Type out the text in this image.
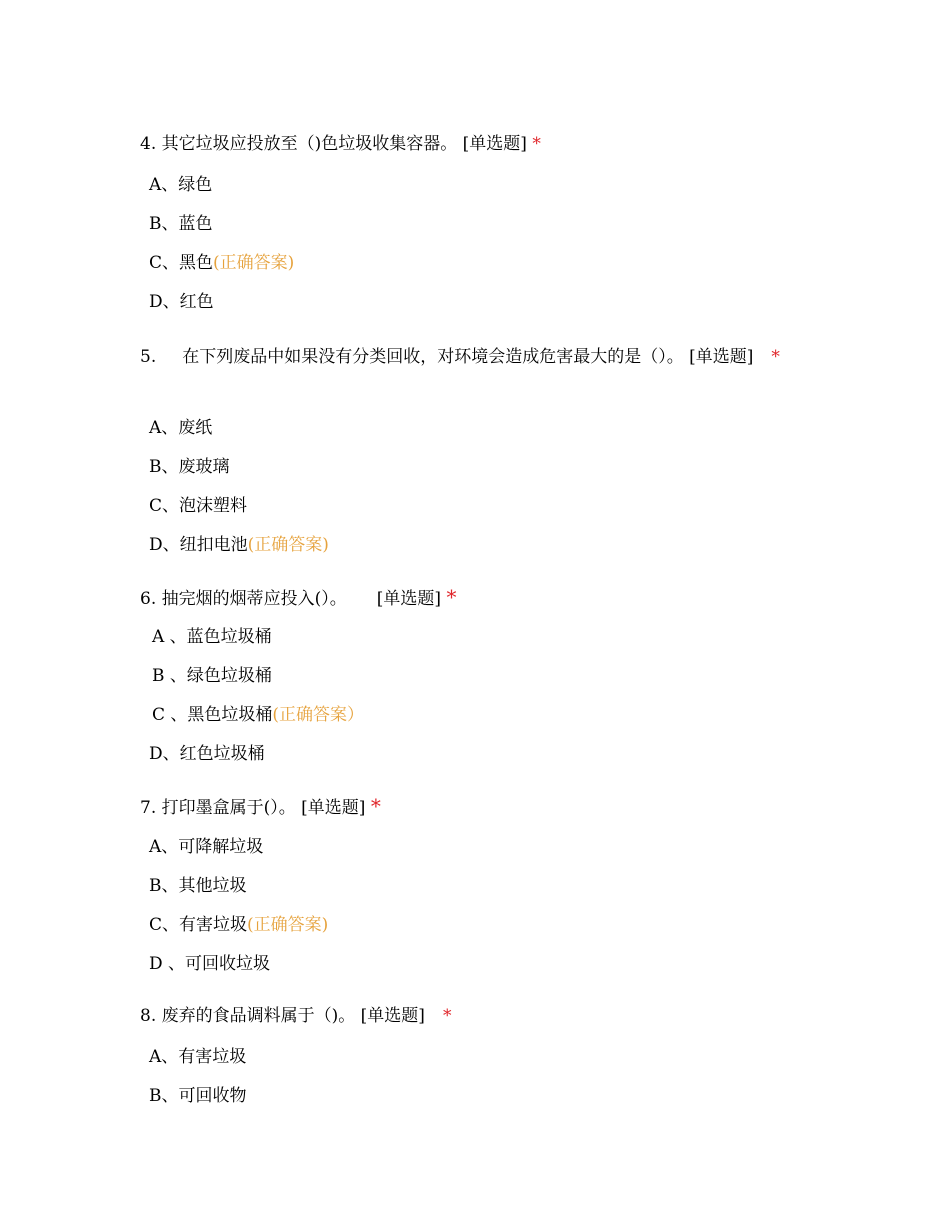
4. 其它垃圾应投放至（)色垃圾收集容器。 [单选题] *

A、绿色

B、蓝色

C、黑色(正确答案)

D、红色

5. 在下列废品中如果没有分类回收，对环境会造成危害最大的是（）。 [单选题] *

A、废纸

B、废玻璃

C、泡沫塑料

D、纽扣电池(正确答案)

6. 抽完烟的烟蒂应投入(）。 [单选题] *

A 、蓝色垃圾桶

B 、绿色垃圾桶

C 、黑色垃圾桶(正确答案）

D、红色垃圾桶

7. 打印墨盒属于(）。 [单选题] *

A、可降解垃圾

B、其他垃圾

C、有害垃圾(正确答案)

D 、可回收垃圾

8. 废弃的食品调料属于（)。 [单选题] *

A、有害垃圾

B、可回收物
